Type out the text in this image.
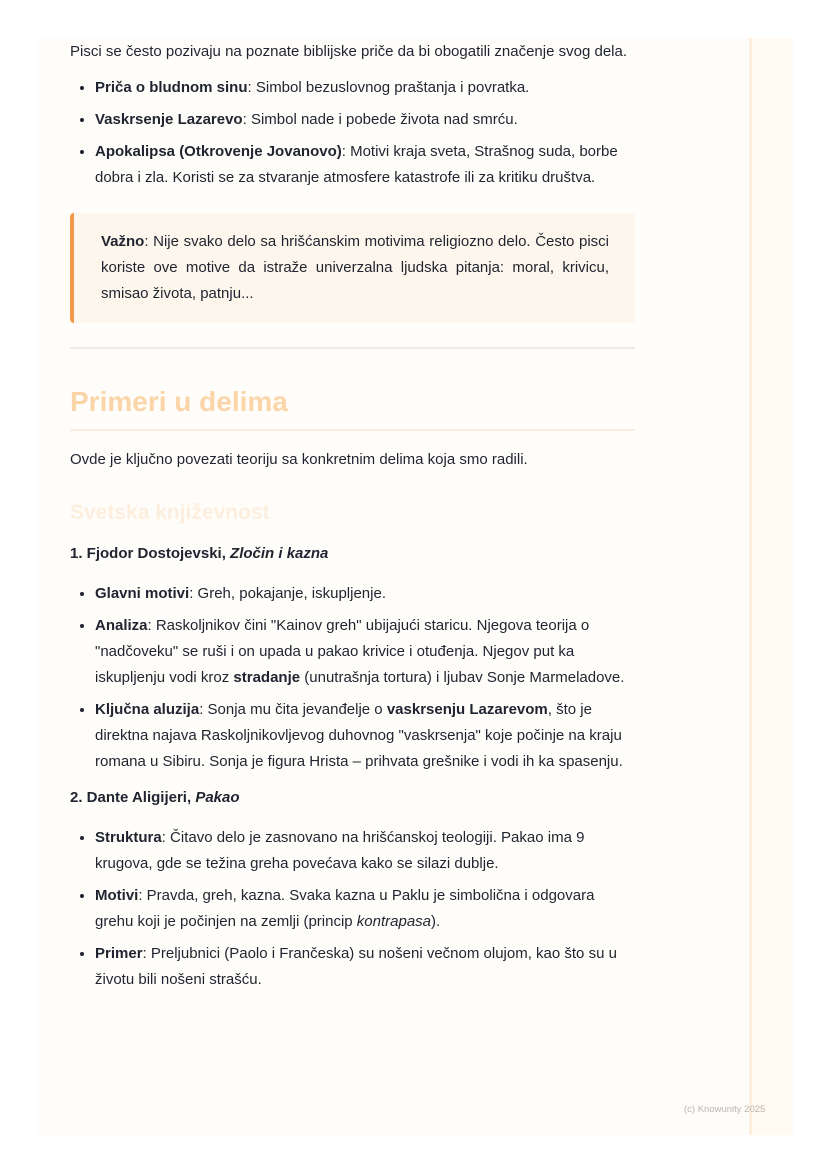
Pisci se često pozivaju na poznate biblijske priče da bi obogatili značenje svog dela.

• Priča o bludnom sinu: Simbol bezuslovnog praštanja i povratka.
• Vaskrsenje Lazarevo: Simbol nade i pobede života nad smrću.
• Apokalipsa (Otkrovenje Jovanovo): Motivi kraja sveta, Strašnog suda, borbe dobra i zla. Koristi se za stvaranje atmosfere katastrofe ili za kritiku društva.
Važno: Nije svako delo sa hrišćanskim motivima religiozno delo. Često pisci koriste ove motive da istraže univerzalna ljudska pitanja: moral, krivicu, smisao života, patnju...
Primeri u delima

Ovde je ključno povezati teoriju sa konkretnim delima koja smo radili.

Svetska književnost

1. Fjodor Dostojevski, Zločin i kazna

• Glavni motivi: Greh, pokajanje, iskupljenje.
• Analiza: Raskoljnikov čini "Kainov greh" ubijajući staricu. Njegova teorija o "nadčoveku" se ruši i on upada u pakao krivice i otuđenja. Njegov put ka iskupljenju vodi kroz stradanje (unutrašnja tortura) i ljubav Sonje Marmeladove.
• Ključna aluzija: Sonja mu čita jevanđelje o vaskrsenju Lazarevom, što je direktna najava Raskoljnikovljevog duhovnog "vaskrsenja" koje počinje na kraju romana u Sibiru. Sonja je figura Hrista – prihvata grešnike i vodi ih ka spasenju.

2. Dante Aligijeri, Pakao

• Struktura: Čitavo delo je zasnovano na hrišćanskoj teologiji. Pakao ima 9 krugova, gde se težina greha povećava kako se silazi dublje.
• Motivi: Pravda, greh, kazna. Svaka kazna u Paklu je simbolična i odgovara grehu koji je počinjen na zemlji (princip kontrapasa).
• Primer: Preljubnici (Paolo i Frančeska) su nošeni večnom olujom, kao što su u životu bili nošeni strašću.
(c) Knowunity 2025
